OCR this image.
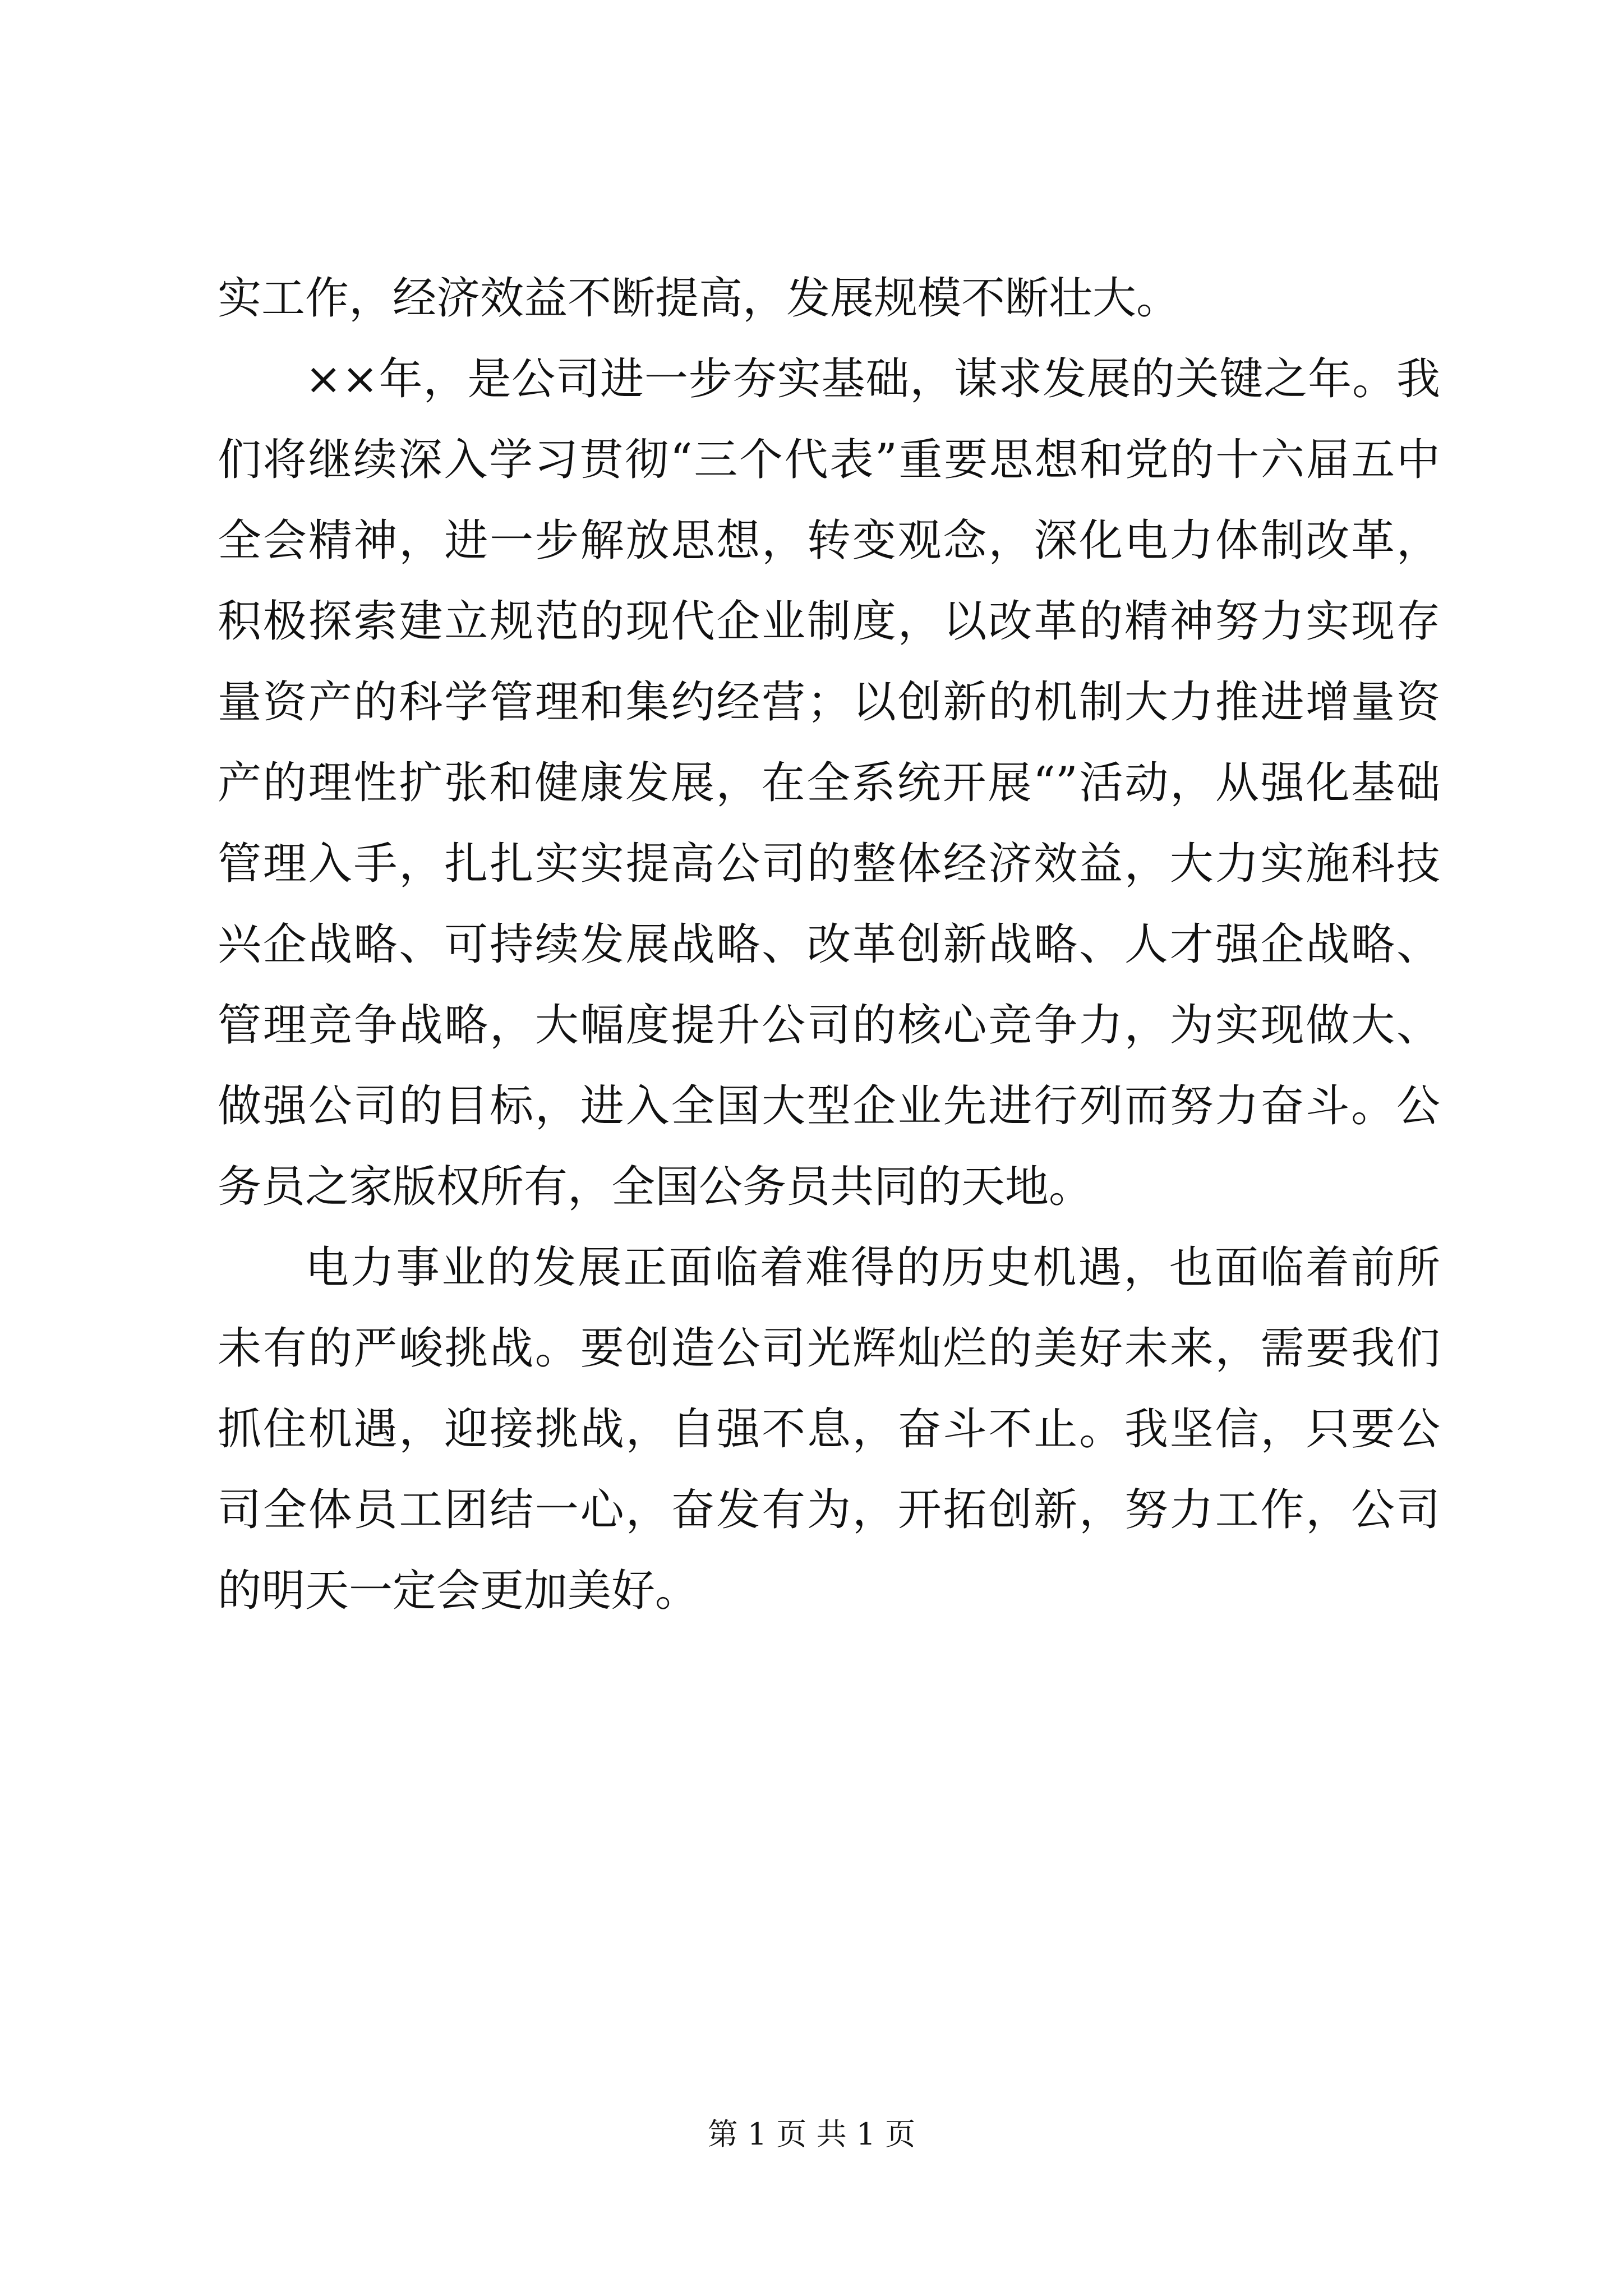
实工作，经济效益不断提高，发展规模不断壮大。

××年，是公司进一步夯实基础，谋求发展的关键之年。我们将继续深入学习贯彻“三个代表”重要思想和党的十六届五中全会精神，进一步解放思想，转变观念，深化电力体制改革，积极探索建立规范的现代企业制度，以改革的精神努力实现存量资产的科学管理和集约经营；以创新的机制大力推进增量资产的理性扩张和健康发展，在全系统开展“”活动，从强化基础管理入手，扎扎实实提高公司的整体经济效益，大力实施科技兴企战略、可持续发展战略、改革创新战略、人才强企战略、管理竞争战略，大幅度提升公司的核心竞争力，为实现做大、做强公司的目标，进入全国大型企业先进行列而努力奋斗。公务员之家版权所有，全国公务员共同的天地。

电力事业的发展正面临着难得的历史机遇，也面临着前所未有的严峻挑战。要创造公司光辉灿烂的美好未来，需要我们抓住机遇，迎接挑战，自强不息，奋斗不止。我坚信，只要公司全体员工团结一心，奋发有为，开拓创新，努力工作，公司的明天一定会更加美好。

第 1 页 共 1 页
